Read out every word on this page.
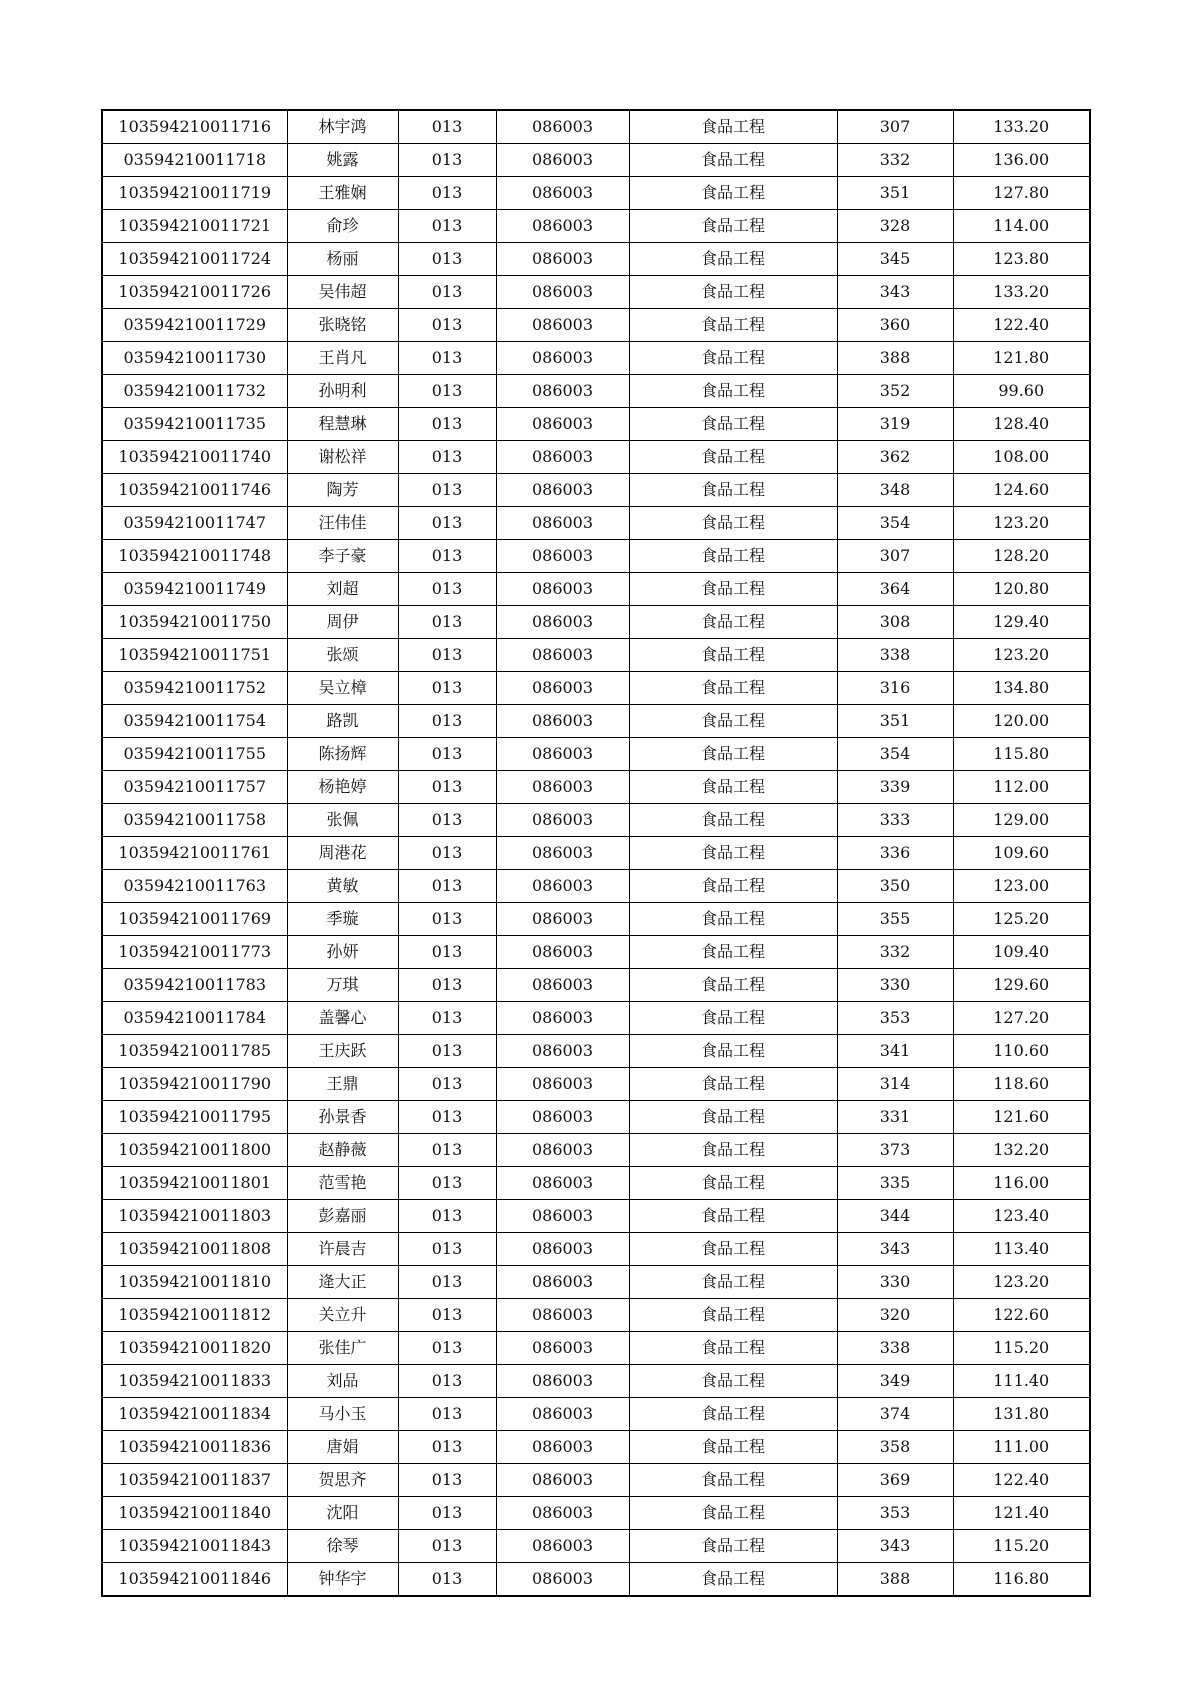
103594210011716	林宇鸿	013	086003	食品工程	307	133.20
03594210011718	姚露	013	086003	食品工程	332	136.00
103594210011719	王雅娴	013	086003	食品工程	351	127.80
103594210011721	俞珍	013	086003	食品工程	328	114.00
103594210011724	杨丽	013	086003	食品工程	345	123.80
103594210011726	吴伟超	013	086003	食品工程	343	133.20
03594210011729	张晓铭	013	086003	食品工程	360	122.40
03594210011730	王肖凡	013	086003	食品工程	388	121.80
03594210011732	孙明利	013	086003	食品工程	352	99.60
03594210011735	程慧琳	013	086003	食品工程	319	128.40
103594210011740	谢松祥	013	086003	食品工程	362	108.00
103594210011746	陶芳	013	086003	食品工程	348	124.60
03594210011747	汪伟佳	013	086003	食品工程	354	123.20
103594210011748	李子豪	013	086003	食品工程	307	128.20
03594210011749	刘超	013	086003	食品工程	364	120.80
103594210011750	周伊	013	086003	食品工程	308	129.40
103594210011751	张颂	013	086003	食品工程	338	123.20
03594210011752	吴立樟	013	086003	食品工程	316	134.80
03594210011754	路凯	013	086003	食品工程	351	120.00
03594210011755	陈扬辉	013	086003	食品工程	354	115.80
03594210011757	杨艳婷	013	086003	食品工程	339	112.00
03594210011758	张佩	013	086003	食品工程	333	129.00
103594210011761	周港花	013	086003	食品工程	336	109.60
03594210011763	黄敏	013	086003	食品工程	350	123.00
103594210011769	季璇	013	086003	食品工程	355	125.20
103594210011773	孙妍	013	086003	食品工程	332	109.40
03594210011783	万琪	013	086003	食品工程	330	129.60
03594210011784	盖馨心	013	086003	食品工程	353	127.20
103594210011785	王庆跃	013	086003	食品工程	341	110.60
103594210011790	王鼎	013	086003	食品工程	314	118.60
103594210011795	孙景香	013	086003	食品工程	331	121.60
103594210011800	赵静薇	013	086003	食品工程	373	132.20
103594210011801	范雪艳	013	086003	食品工程	335	116.00
103594210011803	彭嘉丽	013	086003	食品工程	344	123.40
103594210011808	许晨吉	013	086003	食品工程	343	113.40
103594210011810	逄大正	013	086003	食品工程	330	123.20
103594210011812	关立升	013	086003	食品工程	320	122.60
103594210011820	张佳广	013	086003	食品工程	338	115.20
103594210011833	刘品	013	086003	食品工程	349	111.40
103594210011834	马小玉	013	086003	食品工程	374	131.80
103594210011836	唐娟	013	086003	食品工程	358	111.00
103594210011837	贺思齐	013	086003	食品工程	369	122.40
103594210011840	沈阳	013	086003	食品工程	353	121.40
103594210011843	徐琴	013	086003	食品工程	343	115.20
103594210011846	钟华宇	013	086003	食品工程	388	116.80
